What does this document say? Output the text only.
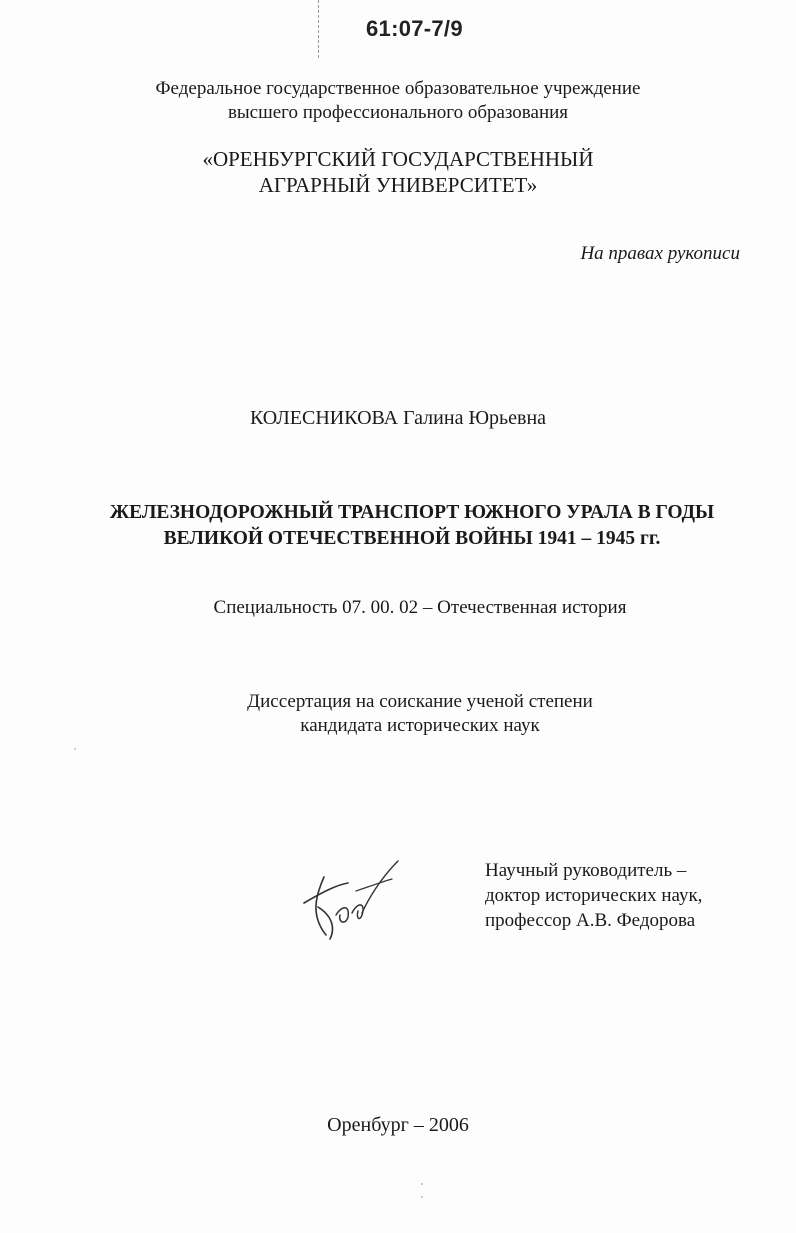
61:07-7/9
Федеральное государственное образовательное учреждение
высшего профессионального образования
«ОРЕНБУРГСКИЙ ГОСУДАРСТВЕННЫЙ
АГРАРНЫЙ УНИВЕРСИТЕТ»
На правах рукописи
КОЛЕСНИКОВА Галина Юрьевна
ЖЕЛЕЗНОДОРОЖНЫЙ ТРАНСПОРТ ЮЖНОГО УРАЛА В ГОДЫ
ВЕЛИКОЙ ОТЕЧЕСТВЕННОЙ ВОЙНЫ 1941 – 1945 гг.
Специальность 07. 00. 02 – Отечественная история
Диссертация на соискание ученой степени
кандидата исторических наук
Научный руководитель –
доктор исторических наук,
профессор А.В. Федорова
Оренбург – 2006
